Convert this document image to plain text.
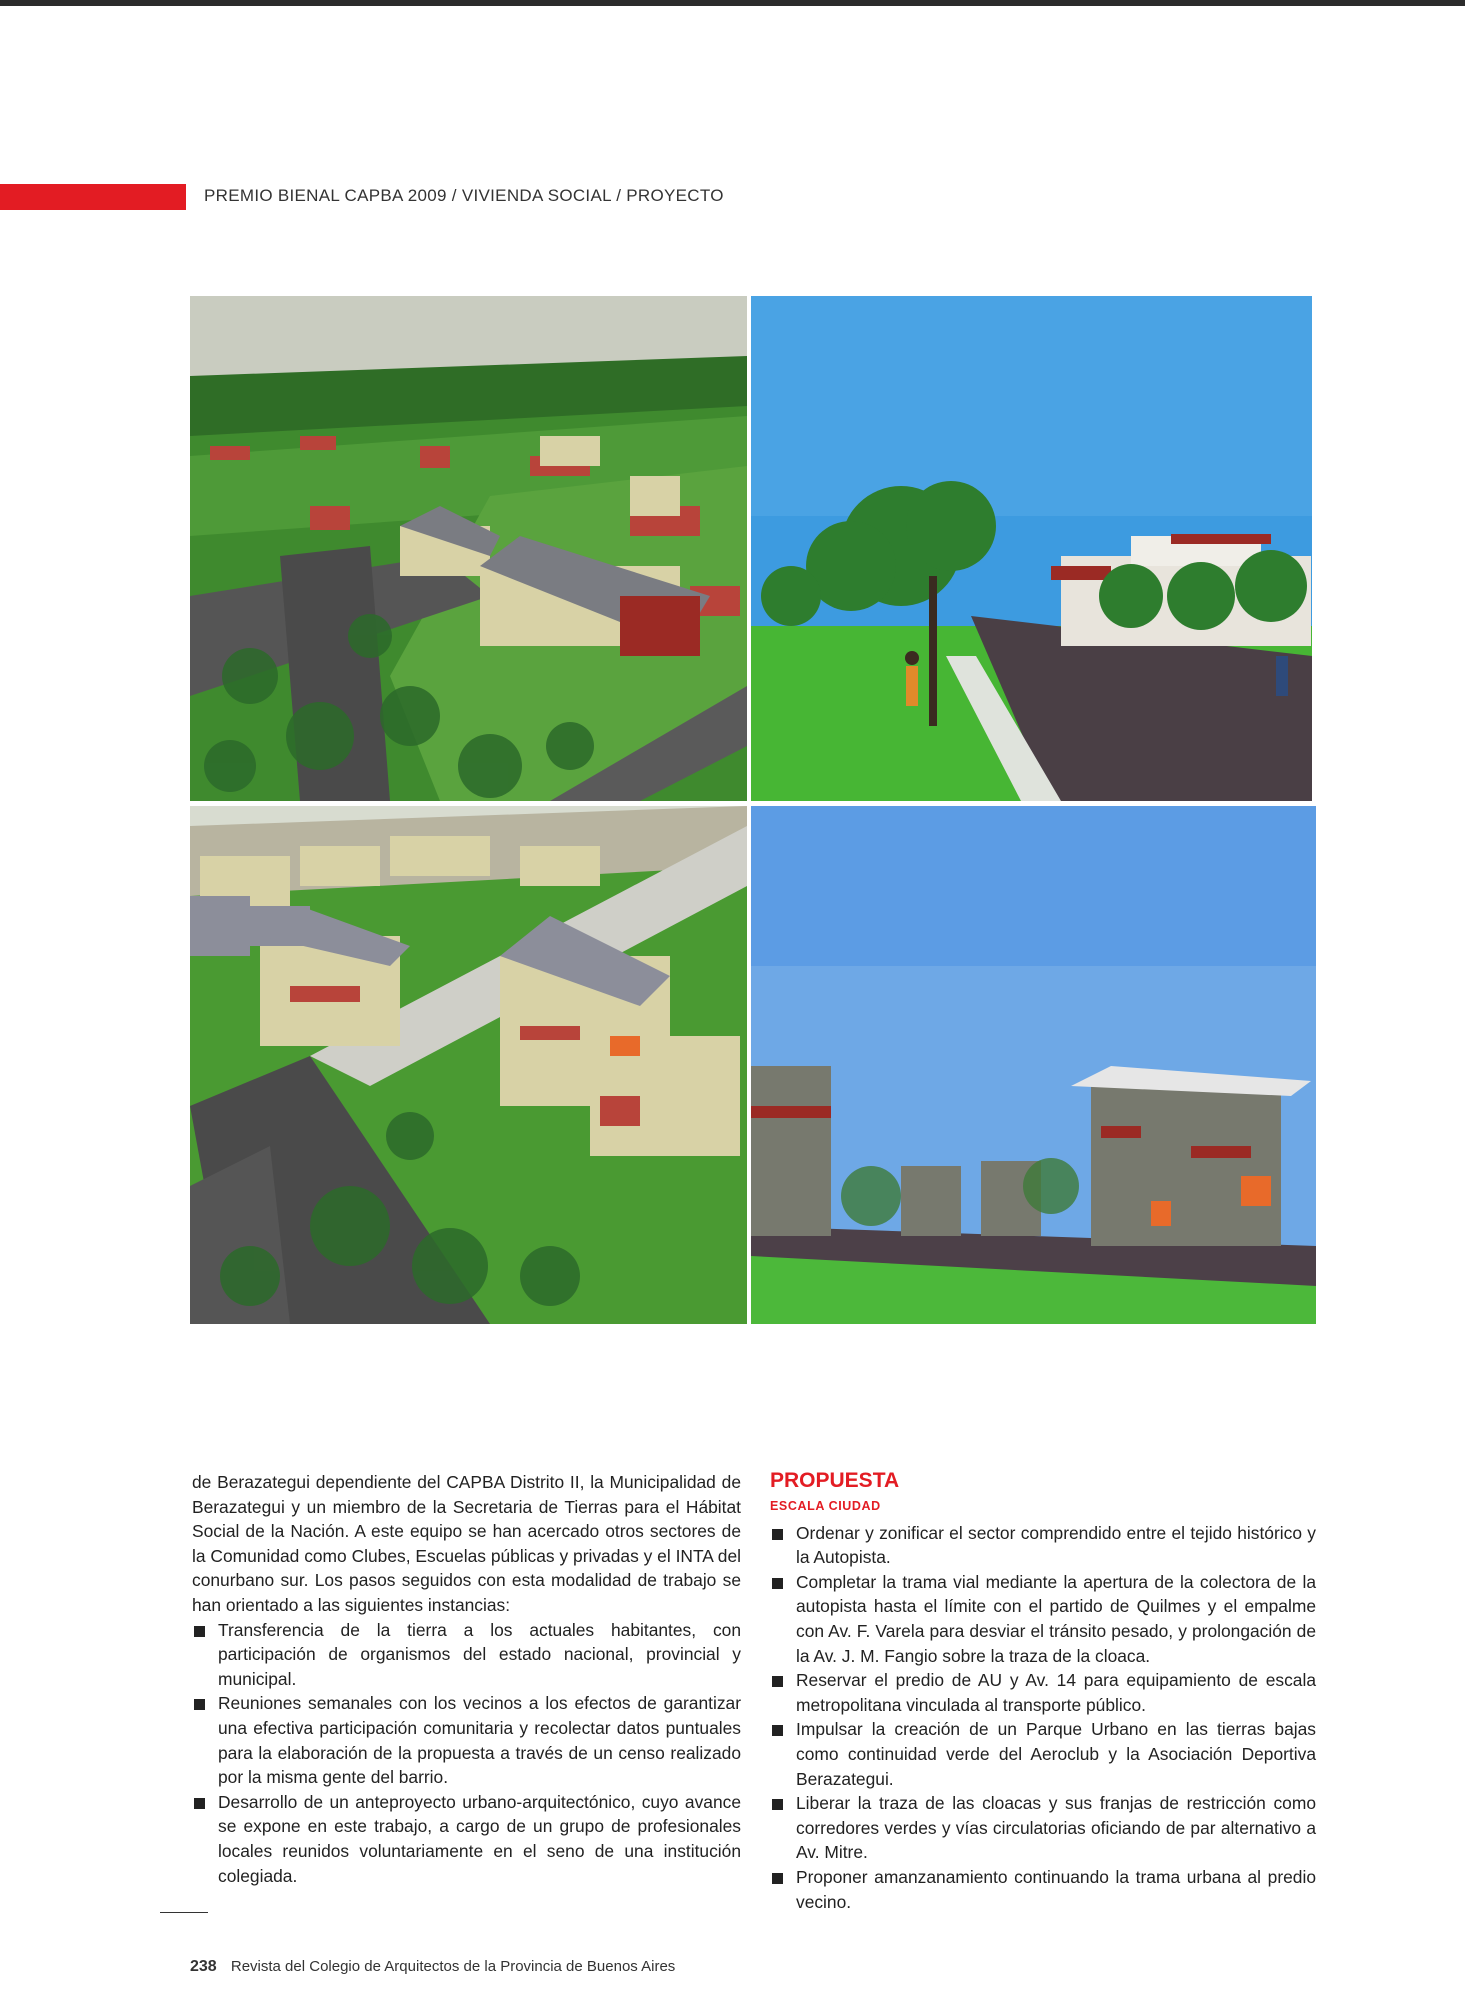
PREMIO BIENAL CAPBA 2009 / VIVIENDA SOCIAL / PROYECTO

de Berazategui dependiente del CAPBA Distrito II, la Municipalidad de Berazategui y un miembro de la Secretaria de Tierras para el Hábitat Social de la Nación. A este equipo se han acercado otros sectores de la Comunidad como Clubes, Escuelas públicas y privadas y el INTA del conurbano sur. Los pasos seguidos con esta modalidad de trabajo se han orientado a las siguientes instancias:

Transferencia de la tierra a los actuales habitantes, con participación de organismos del estado nacional, provincial y municipal.
Reuniones semanales con los vecinos a los efectos de garantizar una efectiva participación comunitaria y recolectar datos puntuales para la elaboración de la propuesta a través de un censo realizado por la misma gente del barrio.
Desarrollo de un anteproyecto urbano-arquitectónico, cuyo avance se expone en este trabajo, a cargo de un grupo de profesionales locales reunidos voluntariamente en el seno de una institución colegiada.

PROPUESTA

ESCALA CIUDAD

Ordenar y zonificar el sector comprendido entre el tejido histórico y la Autopista.
Completar la trama vial mediante la apertura de la colectora de la autopista hasta el límite con el partido de Quilmes y el empalme con Av. F. Varela para desviar el tránsito pesado, y prolongación de la Av. J. M. Fangio sobre la traza de la cloaca.
Reservar el predio de AU y Av. 14 para equipamiento de escala metropolitana vinculada al transporte público.
Impulsar la creación de un Parque Urbano en las tierras bajas como continuidad verde del Aeroclub y la Asociación Deportiva Berazategui.
Liberar la traza de las cloacas y sus franjas de restricción como corredores verdes y vías circulatorias oficiando de par alternativo a Av. Mitre.
Proponer amanzanamiento continuando la trama urbana al predio vecino.
238 Revista del Colegio de Arquitectos de la Provincia de Buenos Aires
